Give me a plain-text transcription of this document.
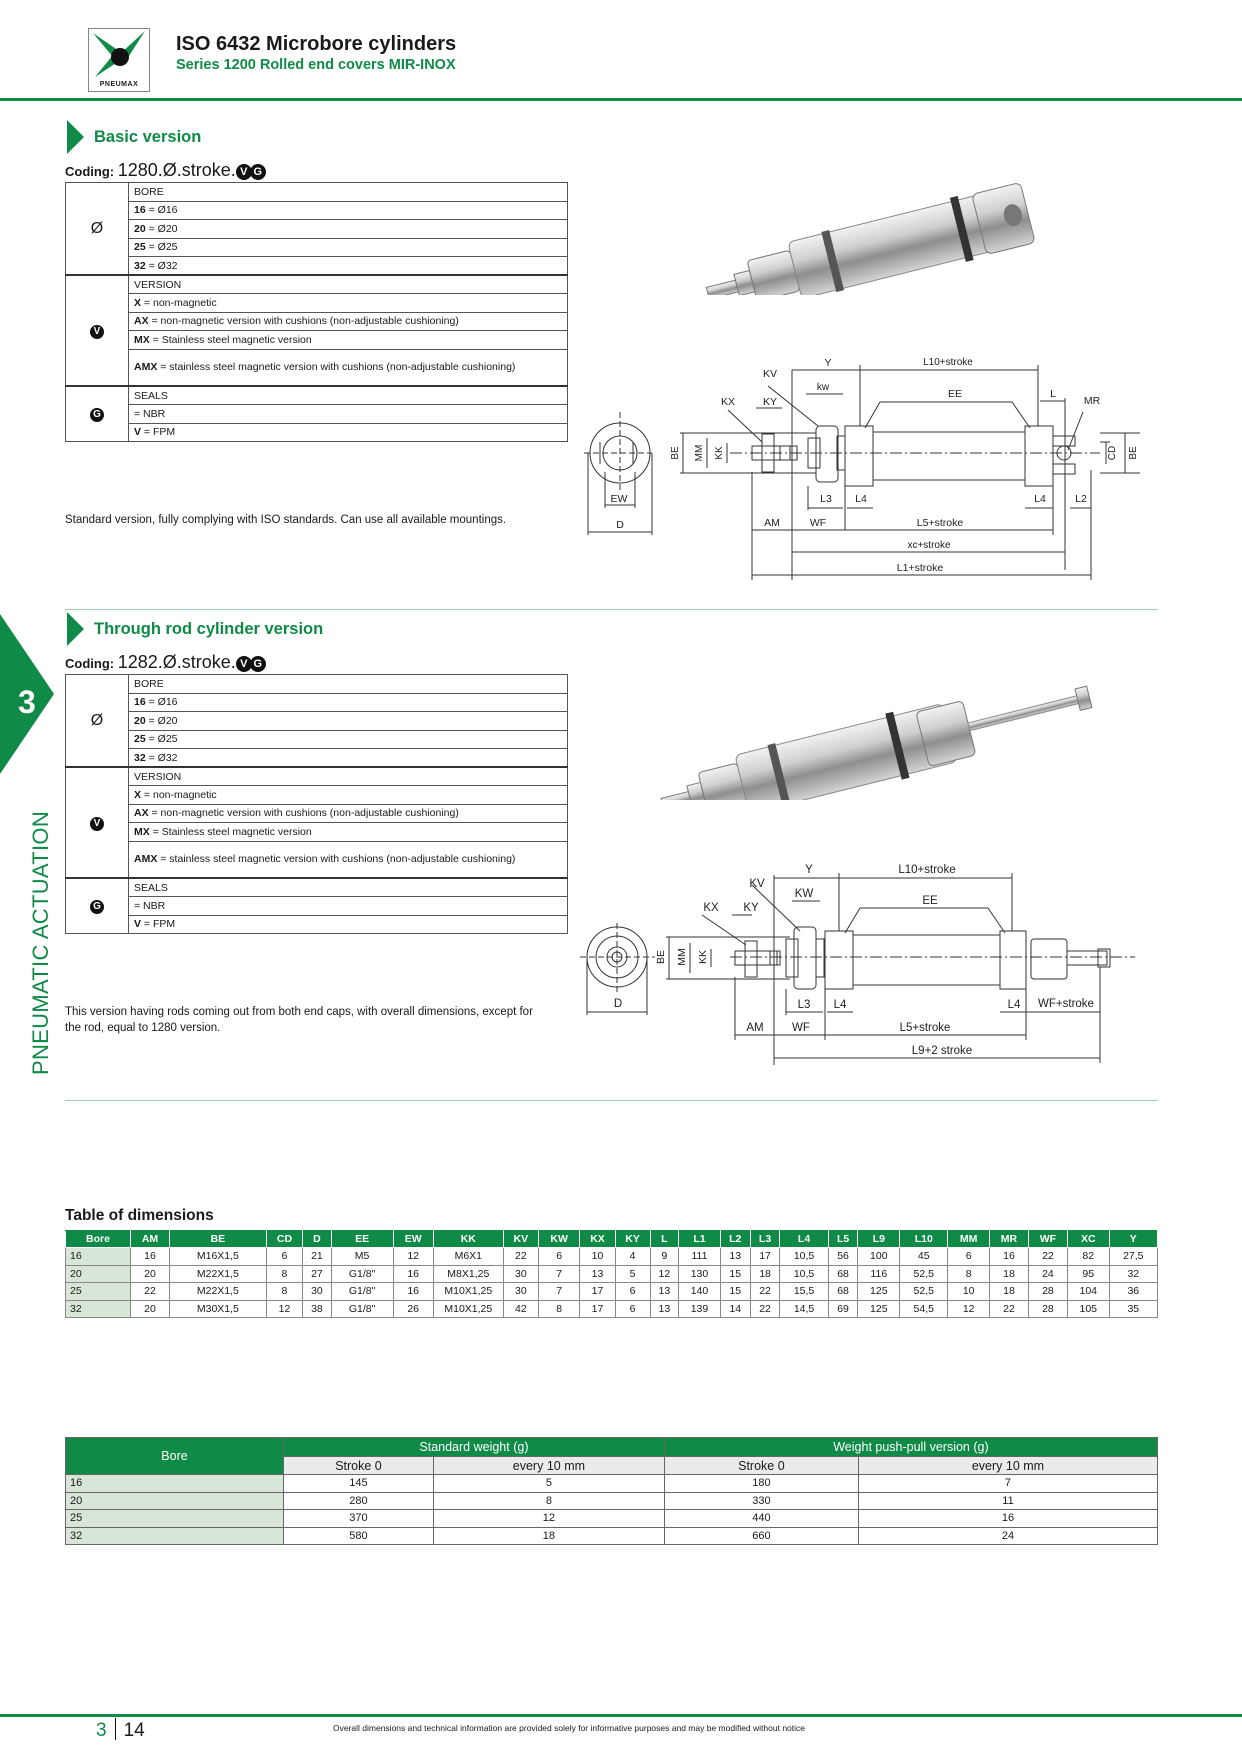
PNEUMAX
ISO 6432 Microbore cylinders
Series 1200 Rolled end covers MIR-INOX
3
PNEUMATIC ACTUATION
Basic version
Coding: 1280.Ø.stroke. V G
Ø	BORE
	16 = Ø16
	20 = Ø20
	25 = Ø25
	32 = Ø32
V	VERSION
	X = non-magnetic
	AX = non-magnetic version with cushions (non-adjustable cushioning)
	MX = Stainless steel magnetic version
	AMX = stainless steel magnetic version with cushions (non-adjustable cushioning)
G	SEALS
	= NBR
	V = FPM
Standard version, fully complying with ISO standards. Can use all available mountings.
EW
D
KV
Y	L10+stroke
kw
EE	L
KX	KY	MR
L3 L4	L4	L2
AM	WF	L5+stroke
xc+stroke
L1+stroke
BE MM KK	CD BE
Through rod cylinder version
Coding: 1282.Ø.stroke. V G
Ø	BORE
	16 = Ø16
	20 = Ø20
	25 = Ø25
	32 = Ø32
V	VERSION
	X = non-magnetic
	AX = non-magnetic version with cushions (non-adjustable cushioning)
	MX = Stainless steel magnetic version
	AMX = stainless steel magnetic version with cushions (non-adjustable cushioning)
G	SEALS
	= NBR
	V = FPM
This version having rods coming out from both end caps, with overall dimensions, except for the rod, equal to 1280 version.
D
Y	L10+stroke
KV
KW
EE
KX KY
L3 L4	L4 WF+stroke
AM WF	L5+stroke
L9+2 stroke
BE MM KK
Table of dimensions
Bore	AM	BE	CD	D	EE	EW	KK	KV	KW	KX	KY	L	L1	L2	L3	L4	L5	L9	L10	MM	MR	WF	XC	Y
16	16	M16X1,5	6	21	M5	12	M6X1	22	6	10	4	9	111	13	17	10,5	56	100	45	6	16	22	82	27,5
20	20	M22X1,5	8	27	G1/8"	16	M8X1,25	30	7	13	5	12	130	15	18	10,5	68	116	52,5	8	18	24	95	32
25	22	M22X1,5	8	30	G1/8"	16	M10X1,25	30	7	17	6	13	140	15	22	15,5	68	125	52,5	10	18	28	104	36
32	20	M30X1,5	12	38	G1/8"	26	M10X1,25	42	8	17	6	13	139	14	22	14,5	69	125	54,5	12	22	28	105	35
Bore	Standard weight (g)		Weight push-pull version (g)	
	Stroke 0	every 10 mm	Stroke 0	every 10 mm
16	145	5	180	7
20	280	8	330	11
25	370	12	440	16
32	580	18	660	24
3 14	Overall dimensions and technical information are provided solely for informative purposes and may be modified without notice
